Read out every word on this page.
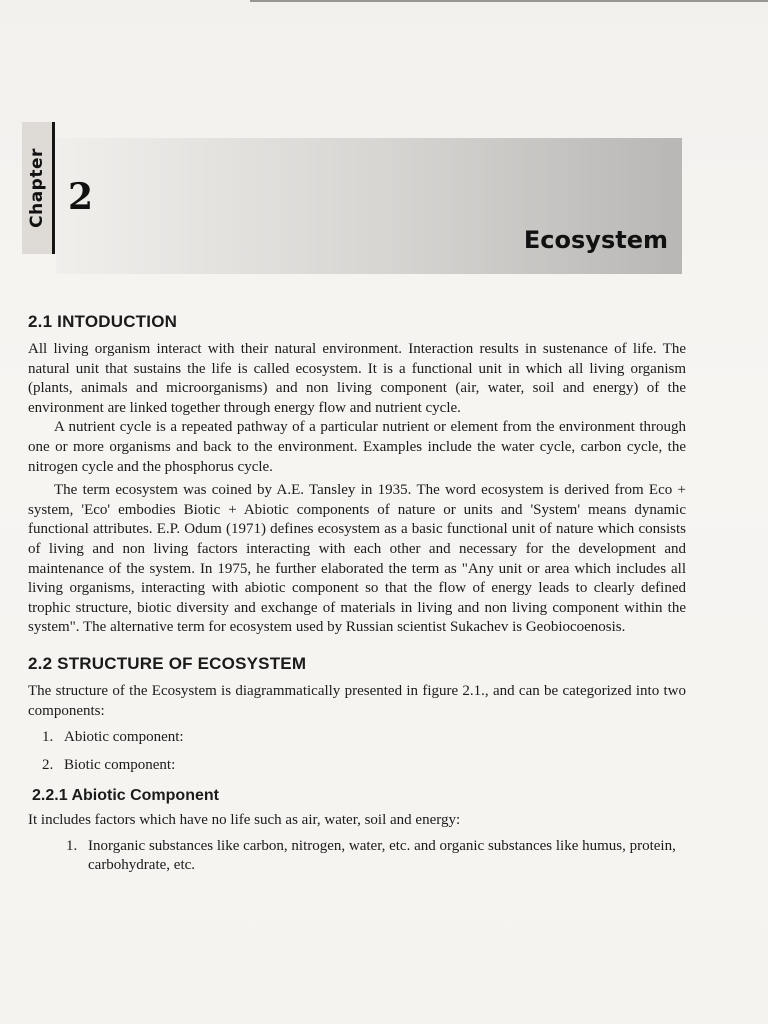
Chapter 2
Ecosystem
2.1 INTODUCTION

All living organism interact with their natural environment. Interaction results in sustenance of life. The natural unit that sustains the life is called ecosystem. It is a functional unit in which all living organism (plants, animals and microorganisms) and non living component (air, water, soil and energy) of the environment are linked together through energy flow and nutrient cycle.

A nutrient cycle is a repeated pathway of a particular nutrient or element from the environment through one or more organisms and back to the environment. Examples include the water cycle, carbon cycle, the nitrogen cycle and the phosphorus cycle.

The term ecosystem was coined by A.E. Tansley in 1935. The word ecosystem is derived from Eco + system, 'Eco' embodies Biotic + Abiotic components of nature or units and 'System' means dynamic functional attributes. E.P. Odum (1971) defines ecosystem as a basic functional unit of nature which consists of living and non living factors interacting with each other and necessary for the development and maintenance of the system. In 1975, he further elaborated the term as "Any unit or area which includes all living organisms, interacting with abiotic component so that the flow of energy leads to clearly defined trophic structure, biotic diversity and exchange of materials in living and non living component within the system". The alternative term for ecosystem used by Russian scientist Sukachev is Geobiocoenosis.

2.2 STRUCTURE OF ECOSYSTEM

The structure of the Ecosystem is diagrammatically presented in figure 2.1., and can be categorized into two components:

1. Abiotic component:
2. Biotic component:
2.2.1 Abiotic Component

It includes factors which have no life such as air, water, soil and energy:

1. Inorganic substances like carbon, nitrogen, water, etc. and organic substances like humus, protein, carbohydrate, etc.
